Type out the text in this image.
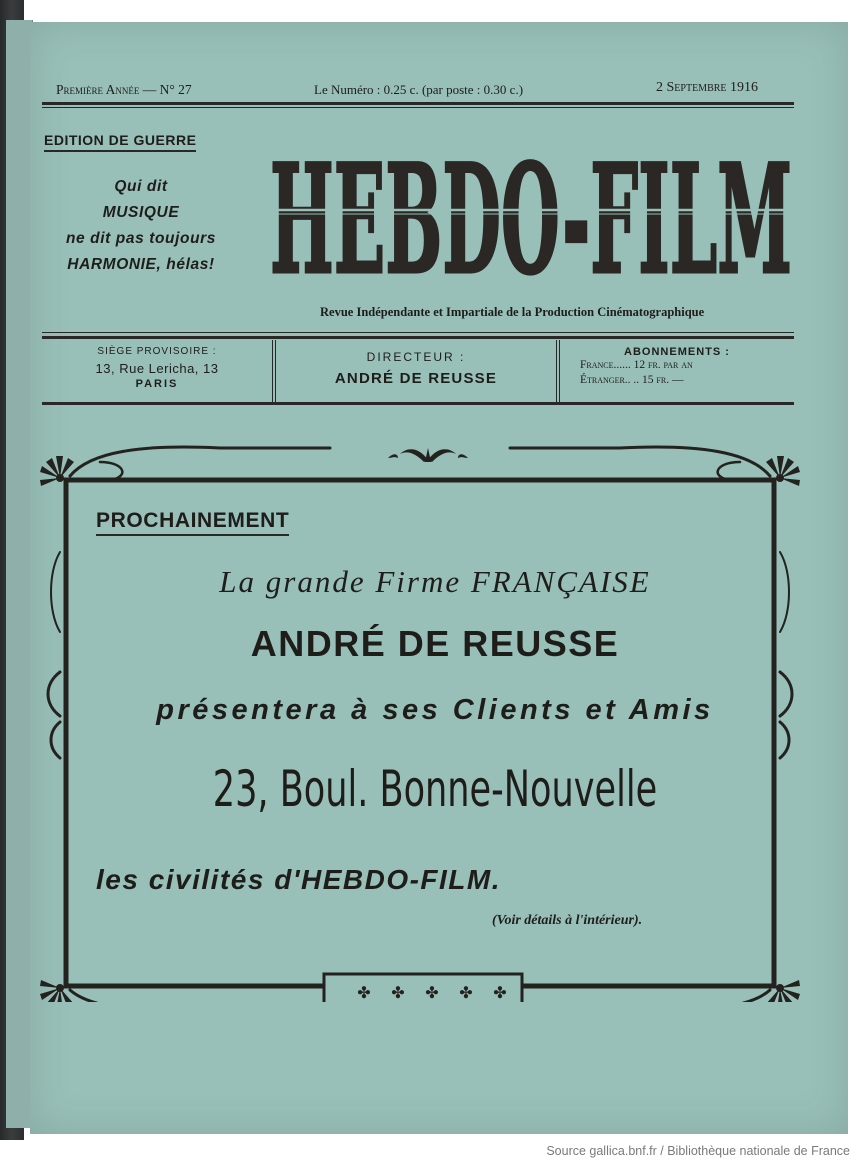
Première Année — N° 27	Le Numéro : 0.25 c. (par poste : 0.30 c.)	2 Septembre 1916
EDITION DE GUERRE
Qui dit
MUSIQUE
ne dit pas toujours
HARMONIE, hélas! HEBDO-FILM
Revue Indépendante et Impartiale de la Production Cinématographique
SIÈGE PROVISOIRE :
13, Rue Lericha, 13
PARIS
DIRECTEUR :
ANDRÉ DE REUSSE
ABONNEMENTS :
France...... 12 fr. par an
Étranger.. .. 15 fr. —
✤ ✤ ✤ ✤ ✤
PROCHAINEMENT
La grande Firme FRANÇAISE
ANDRÉ DE REUSSE
présentera à ses Clients et Amis
23, Boul. Bonne-Nouvelle
les civilités d'HEBDO-FILM.
(Voir détails à l'intérieur).
Source gallica.bnf.fr / Bibliothèque nationale de France
